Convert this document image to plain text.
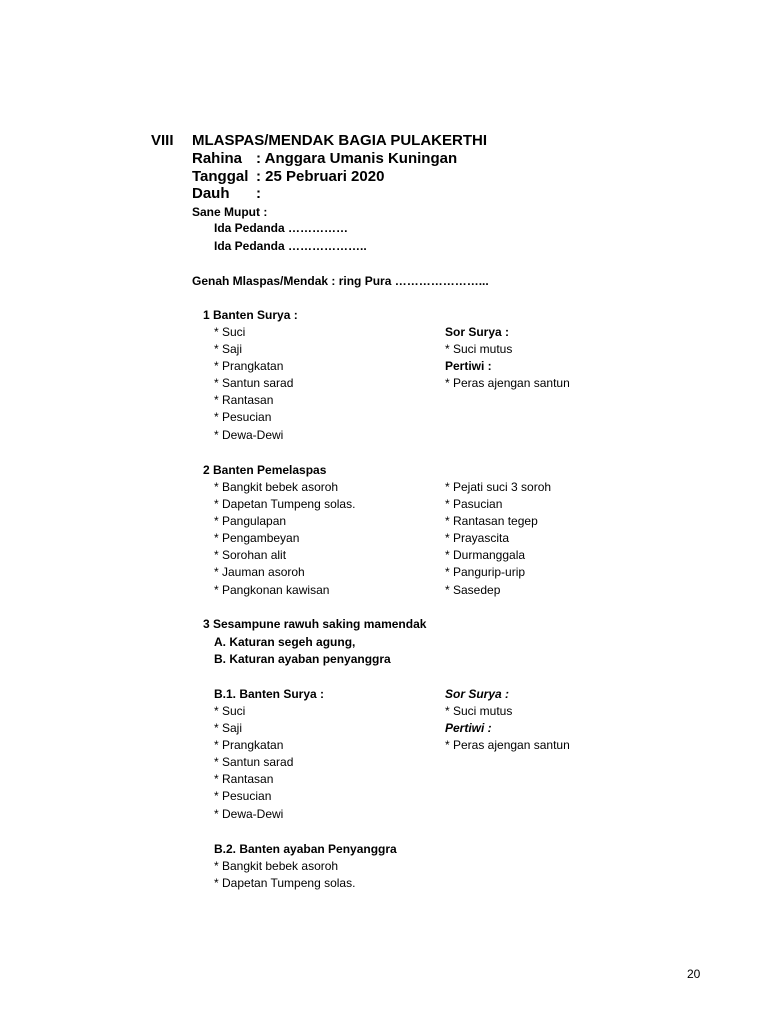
VIII MLASPAS/MENDAK BAGIA PULAKERTHI
Rahina : Anggara Umanis Kuningan
Tanggal : 25 Pebruari 2020
Dauh :
Sane Muput :
Ida Pedanda ……………
Ida Pedanda ………………..
Genah Mlaspas/Mendak : ring Pura …………………...
1 Banten Surya :
* Suci
* Saji
* Prangkatan
* Santun sarad
* Rantasan
* Pesucian
* Dewa-Dewi
Sor Surya :
* Suci mutus
Pertiwi :
* Peras ajengan santun
2 Banten Pemelaspas
* Bangkit bebek asoroh
* Dapetan Tumpeng solas.
* Pangulapan
* Pengambeyan
* Sorohan alit
* Jauman asoroh
* Pangkonan kawisan
* Pejati suci 3 soroh
* Pasucian
* Rantasan tegep
* Prayascita
* Durmanggala
* Pangurip-urip
* Sasedep
3 Sesampune rawuh saking mamendak
A. Katuran segeh agung,
B. Katuran ayaban penyanggra
B.1. Banten Surya :
* Suci
* Saji
* Prangkatan
* Santun sarad
* Rantasan
* Pesucian
* Dewa-Dewi
Sor Surya :
* Suci mutus
Pertiwi :
* Peras ajengan santun
B.2. Banten ayaban Penyanggra
* Bangkit bebek asoroh
* Dapetan Tumpeng solas.
20
